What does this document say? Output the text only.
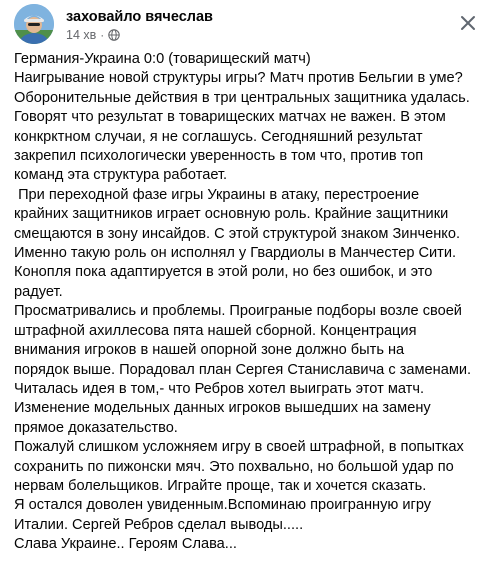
заховайло вячеслав
14 хв ·

Германия-Украина 0:0 (товарищеский матч)
Наигрывание новой структуры игры? Матч против Бельгии в уме?
Оборонительные действия в три центральных защитника удалась.
Говорят что результат в товарищеских матчах не важен. В этом
конкрктном случаи, я не соглашусь. Сегодняшний результат
закрепил психологически уверенность в том что, против топ
команд эта структура работает.
При переходной фазе игры Украины в атаку, перестроение
крайних защитников играет основную роль. Крайние защитники
смещаются в зону инсайдов. С этой структурой знаком Зинченко.
Именно такую роль он исполнял у Гвардиолы в Манчестер Сити.
Конопля пока адаптируется в этой роли, но без ошибок, и это
радует.
Просматривались и проблемы. Проиграные подборы возле своей
штрафной ахиллесова пята нашей сборной. Концентрация
внимания игроков в нашей опорной зоне должно быть на
порядок выше. Порадовал план Сергея Станиславича с заменами.
Читалась идея в том,- что Ребров хотел выиграть этот матч.
Изменение модельных данных игроков вышедших на замену
прямое доказательство.
Пожалуй слишком усложняем игру в своей штрафной, в попытках
сохранить по пижонски мяч. Это похвально, но большой удар по
нервам болельщиков. Играйте проще, так и хочется сказать.
Я остался доволен увиденным.Вспоминаю проигранную игру
Италии. Сергей Ребров сделал выводы.....
Слава Украине.. Героям Слава...
